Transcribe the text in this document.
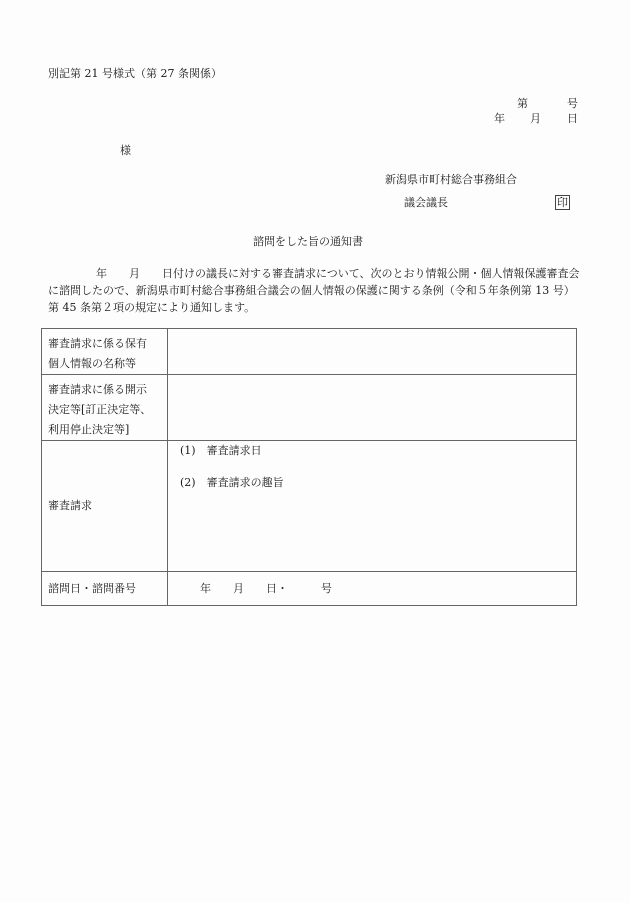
別記第 21 号様式（第 27 条関係）
第	号
年 月 日
様
新潟県市町村総合事務組合
議会議長	印
諮問をした旨の通知書
年 月 日付けの議長に対する審査請求について、次のとおり情報公開・個人情報保護審査会に諮問したので、新潟県市町村総合事務組合議会の個人情報の保護に関する条例（令和５年条例第 13 号）第 45 条第２項の規定により通知します。
審査請求に係る保有
個人情報の名称等	

審査請求に係る開示
決定等[訂正決定等、
利用停止決定等]	

審査請求	(1)　審査請求日
(2)　審査請求の趣旨

諮問日・諮問番号	年　　月　　日・　　　号
